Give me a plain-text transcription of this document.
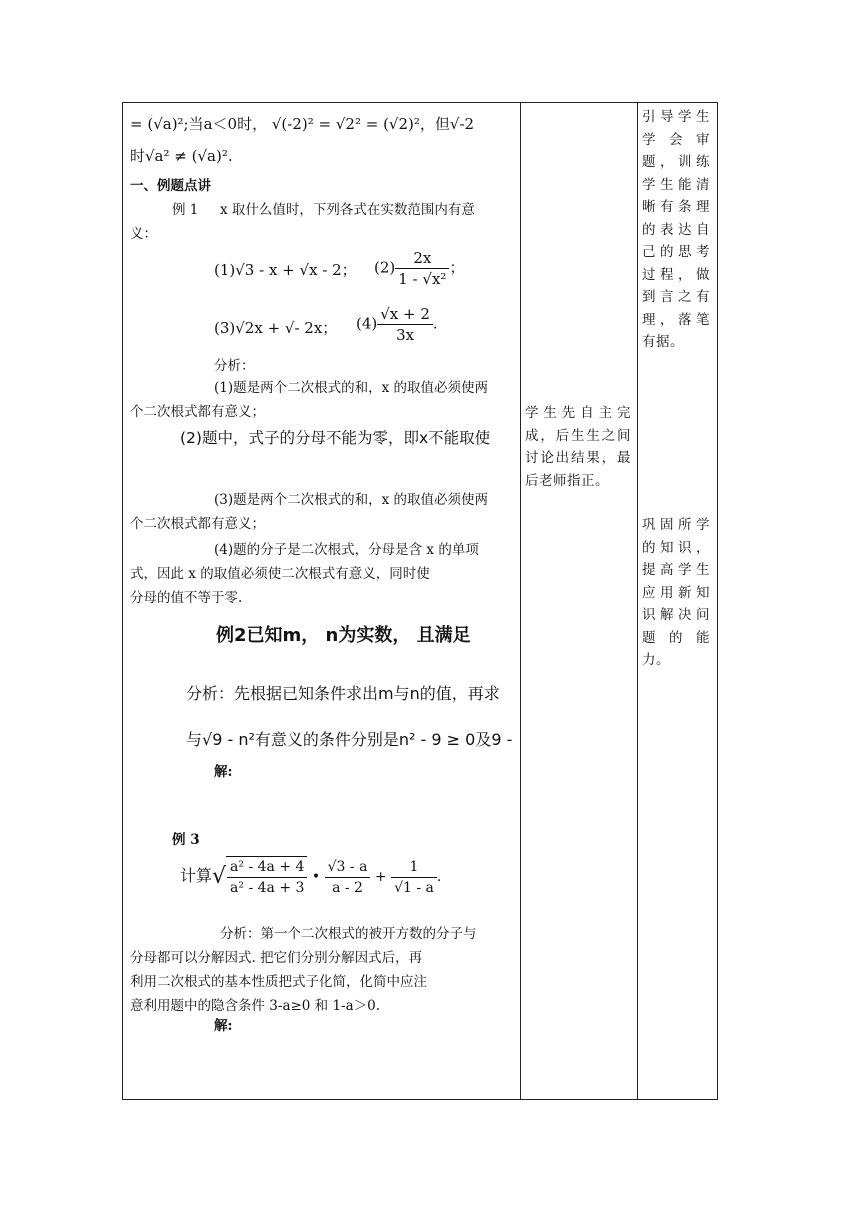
= (√a)²;当a＜0时， √(-2)² = √2² = (√2)²，但√-2
时√a² ≠ (√a)².
一、例题点讲
例 1 x 取什么值时，下列各式在实数范围内有意
义：
(1)√3 - x + √x - 2； $(2) \frac{2x}{\text{1 - √x²}}$ ；
(3)√2x + √- 2x； $(4) \frac{√x + 2}{3x}$ .
分析：
(1)题是两个二次根式的和，x 的取值必须使两
个二次根式都有意义；
(2)题中，式子的分母不能为零，即x不能取使
(3)题是两个二次根式的和，x 的取值必须使两
个二次根式都有意义；
(4)题的分子是二次根式，分母是含 x 的单项
式，因此 x 的取值必须使二次根式有意义，同时使
分母的值不等于零.
例2已知m， n为实数， 且满足
分析：先根据已知条件求出m与n的值，再求
与√9 - n²有意义的条件分别是n² - 9 ≥ 0及9 -
解:
例 3
计算√ $\frac{\text{a² - 4a + 4}}{\text{a² - 4a + 3}}$ • $\frac{√3 - a}{a - 2} + \frac{1}{√1 - a}$ .
分析：第一个二次根式的被开方数的分子与
分母都可以分解因式. 把它们分别分解因式后，再
利用二次根式的基本性质把式子化简，化简中应注
意利用题中的隐含条件 3-a≥0 和 1-a＞0.
解:
学生先自主完成，后生生之间讨论出结果，最后老师指正。
引导学生学会审题，训练学生能清晰有条理的表达自己的思考过程，做到言之有理，落笔有据。
巩固所学的知识，提高学生应用新知识解决问题的能力。
